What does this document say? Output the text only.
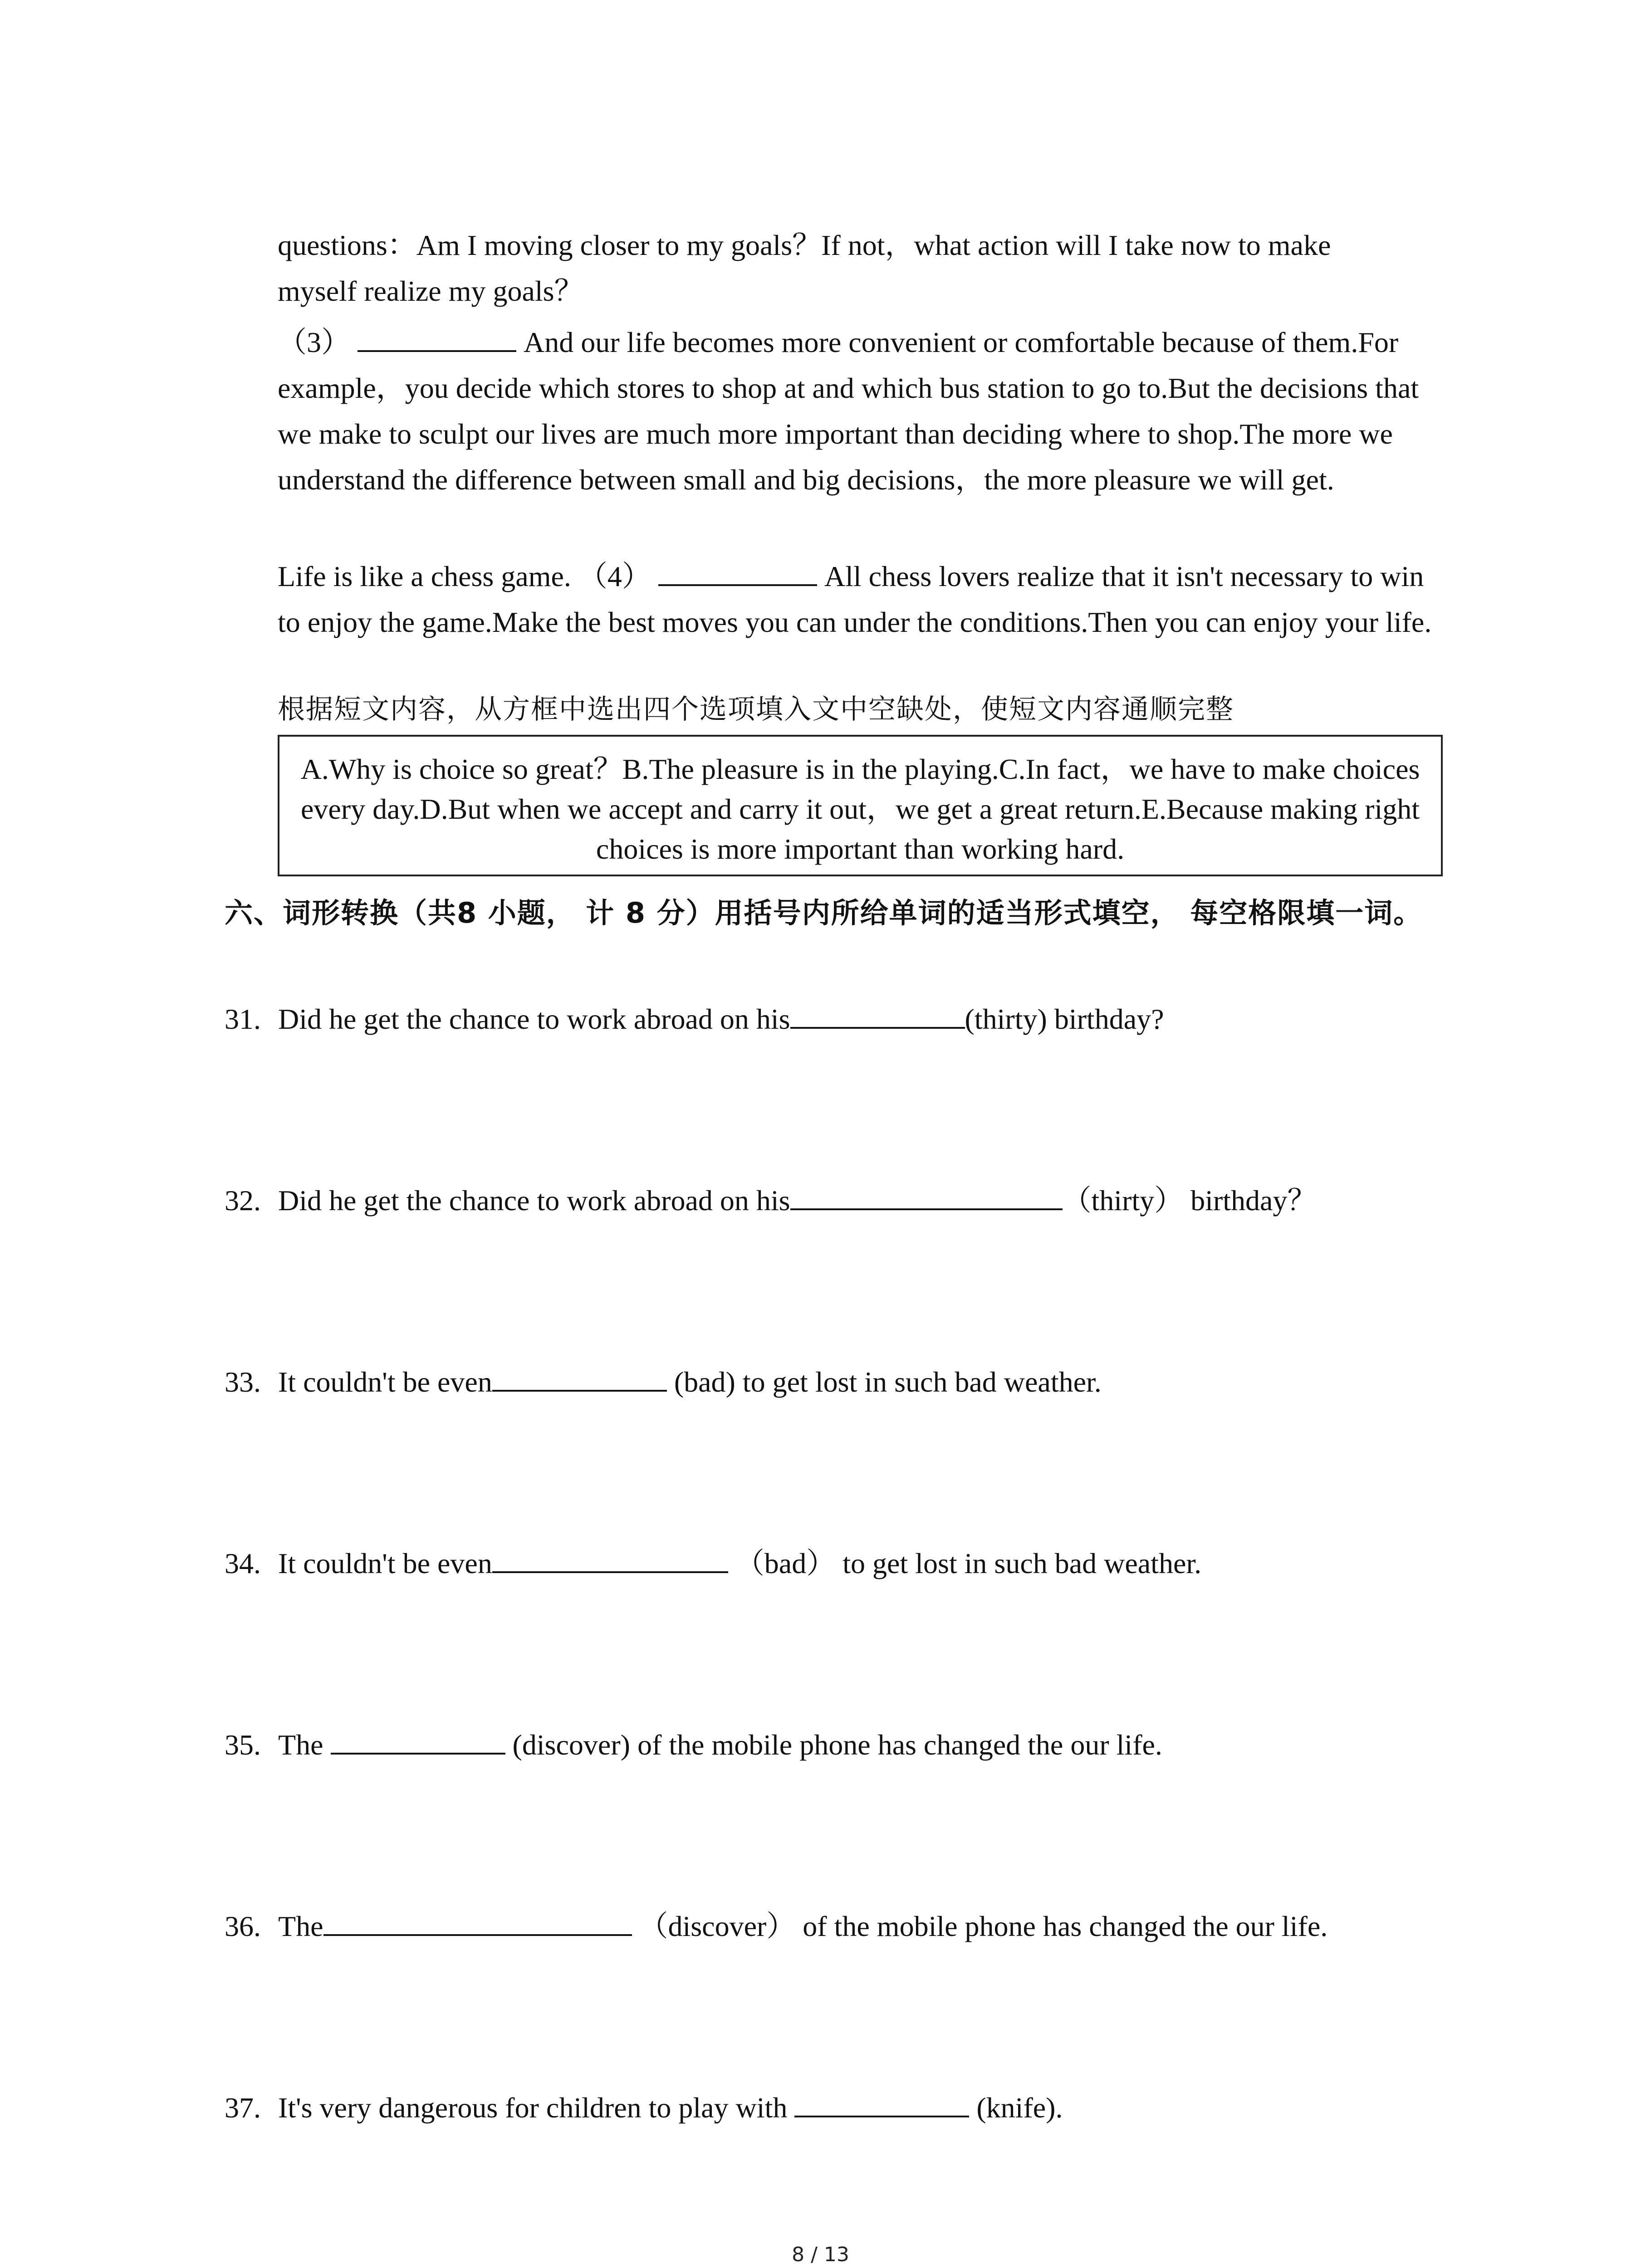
questions：Am I moving closer to my goals？If not，what action will I take now to make
myself realize my goals？
（3）	And our life becomes more convenient or comfortable because of them.For example，you decide which stores to shop at and which bus station to go to.But the decisions that we make to sculpt our lives are much more important than deciding where to shop.The more we understand the difference between small and big decisions，the more pleasure we will get.
Life is like a chess game. （4）	All chess lovers realize that it isn't necessary to win to enjoy the game.Make the best moves you can under the conditions.Then you can enjoy your life.
根据短文内容，从方框中选出四个选项填入文中空缺处，使短文内容通顺完整
A.Why is choice so great？B.The pleasure is in the playing.C.In fact，we have to make choices every day.D.But when we accept and carry it out，we get a great return.E.Because making right choices is more important than working hard.
六、词形转换（共8 小题， 计 8 分）用括号内所给单词的适当形式填空， 每空格限填一词。
31. Did he get the chance to work abroad on his	(thirty) birthday?
32. Did he get the chance to work abroad on his	（thirty） birthday？
33. It couldn't be even	(bad) to get lost in such bad weather.
34. It couldn't be even	（bad） to get lost in such bad weather.
35. The	(discover) of the mobile phone has changed the our life.
36. The	（discover） of the mobile phone has changed the our life.
37. It's very dangerous for children to play with	(knife).
8 / 13
